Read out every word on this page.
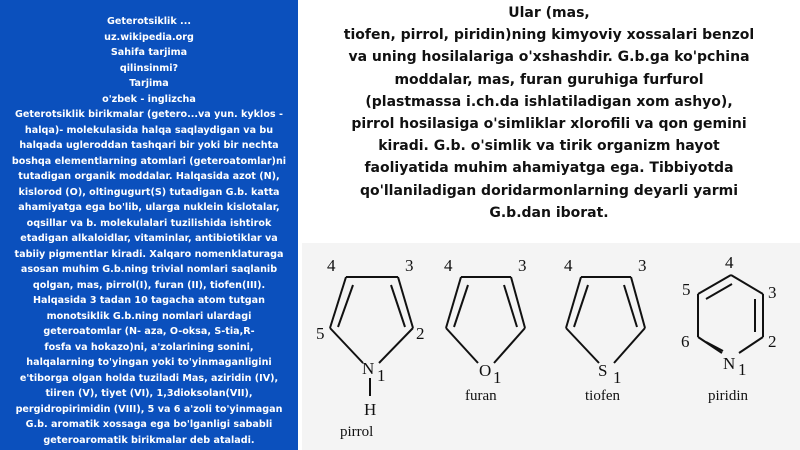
Geterotsiklik ...
uz.wikipedia.org
Sahifa tarjima
qilinsinmi?
Tarjima
o'zbek - inglizcha
Geterotsiklik birikmalar (getero...va yun. kyklos -
halqa)- molekulasida halqa saqlaydigan va bu
halqada ugleroddan tashqari bir yoki bir nechta
boshqa elementlarning atomlari (geteroatomlar)ni
tutadigan organik moddalar. Halqasida azot (N),
kislorod (O), oltingugurt(S) tutadigan G.b. katta
ahamiyatga ega bo'lib, ularga nuklein kislotalar,
oqsillar va b. molekulalari tuzilishida ishtirok
etadigan alkaloidlar, vitaminlar, antibiotiklar va
tabiiy pigmentlar kiradi. Xalqaro nomenklaturaga
asosan muhim G.b.ning trivial nomlari saqlanib
qolgan, mas, pirrol(I), furan (II), tiofen(III).
Halqasida 3 tadan 10 tagacha atom tutgan
monotsiklik G.b.ning nomlari ulardagi
geteroatomlar (N- aza, O-oksa, S-tia,R-
fosfa va hokazo)ni, a'zolarining sonini,
halqalarning to'yingan yoki to'yinmaganligini
e'tiborga olgan holda tuziladi Mas, aziridin (IV),
tiiren (V), tiyet (VI), 1,3dioksolan(VII),
pergidropirimidin (VIII), 5 va 6 a'zoli to'yinmagan
G.b. aromatik xossaga ega bo'lganligi sababli
geteroaromatik birikmalar deb ataladi.
Ular (mas,
tiofen, pirrol, piridin)ning kimyoviy xossalari benzol
va uning hosilalariga o'xshashdir. G.b.ga ko'pchina
moddalar, mas, furan guruhiga furfurol
(plastmassa i.ch.da ishlatiladigan xom ashyo),
pirrol hosilasiga o'simliklar xlorofili va qon gemini
kiradi. G.b. o'simlik va tirik organizm hayot
faoliyatida muhim ahamiyatga ega. Tibbiyotda
qo'llaniladigan doridarmonlarning deyarli yarmi
G.b.dan iborat.
4	3
5	2
N 1
H
pirrol
4	3
O 1
furan
4	3
S 1
tiofen
4
5	3
6	2
N 1
piridin
